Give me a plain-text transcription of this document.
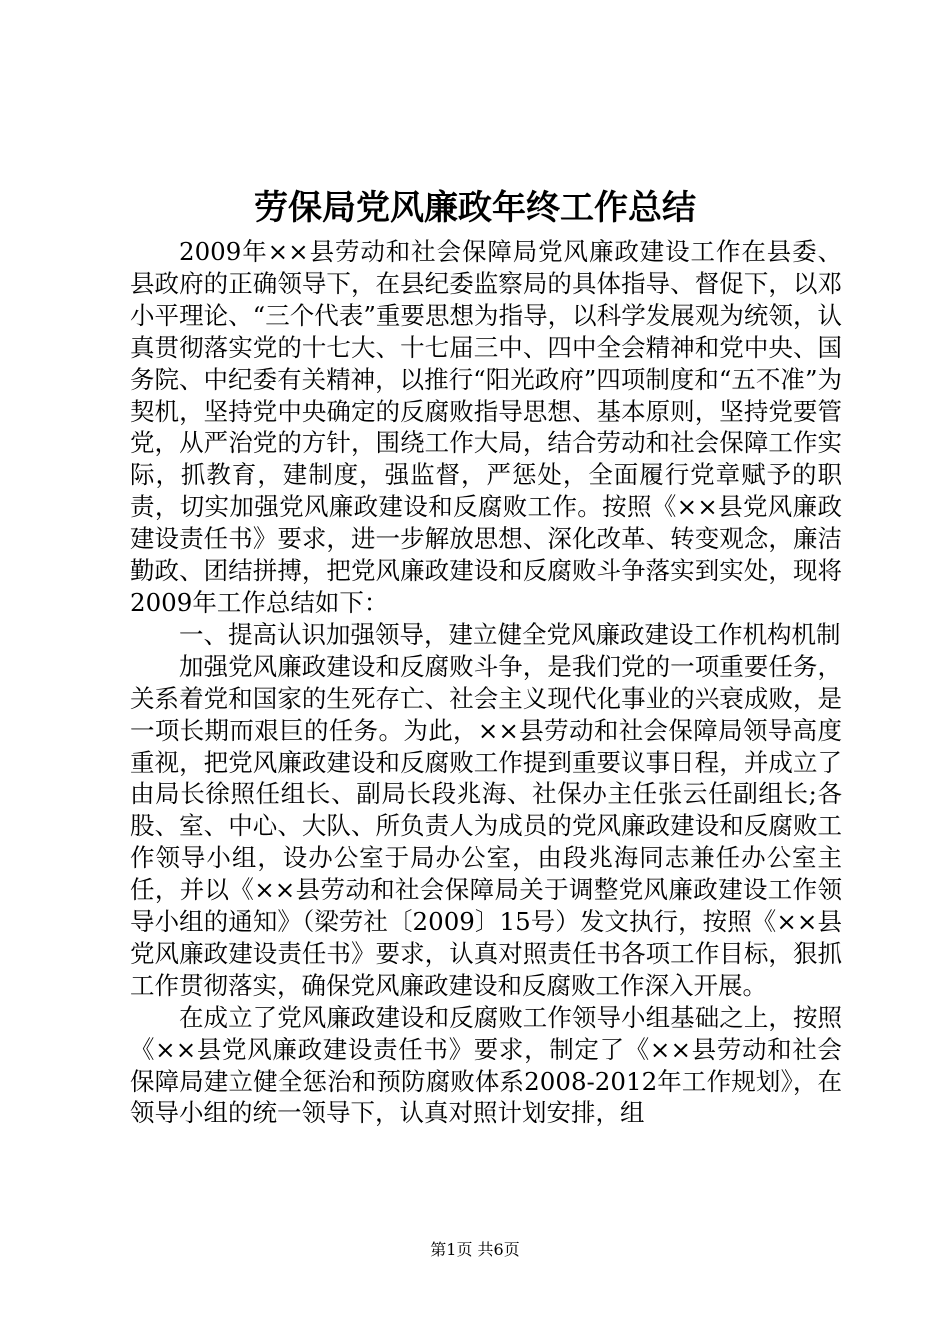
劳保局党风廉政年终工作总结

2009年××县劳动和社会保障局党风廉政建设工作在县委、县政府的正确领导下，在县纪委监察局的具体指导、督促下，以邓小平理论、“三个代表”重要思想为指导，以科学发展观为统领，认真贯彻落实党的十七大、十七届三中、四中全会精神和党中央、国务院、中纪委有关精神，以推行“阳光政府”四项制度和“五不准”为契机，坚持党中央确定的反腐败指导思想、基本原则，坚持党要管党，从严治党的方针，围绕工作大局，结合劳动和社会保障工作实际，抓教育，建制度，强监督，严惩处，全面履行党章赋予的职责，切实加强党风廉政建设和反腐败工作。按照《××县党风廉政建设责任书》要求，进一步解放思想、深化改革、转变观念，廉洁勤政、团结拼搏，把党风廉政建设和反腐败斗争落实到实处，现将2009年工作总结如下：

一、提高认识加强领导，建立健全党风廉政建设工作机构机制

加强党风廉政建设和反腐败斗争，是我们党的一项重要任务，关系着党和国家的生死存亡、社会主义现代化事业的兴衰成败，是一项长期而艰巨的任务。为此，××县劳动和社会保障局领导高度重视，把党风廉政建设和反腐败工作提到重要议事日程，并成立了由局长徐照任组长、副局长段兆海、社保办主任张云任副组长;各股、室、中心、大队、所负责人为成员的党风廉政建设和反腐败工作领导小组，设办公室于局办公室，由段兆海同志兼任办公室主任，并以《××县劳动和社会保障局关于调整党风廉政建设工作领导小组的通知》（梁劳社〔2009〕15号）发文执行，按照《××县党风廉政建设责任书》要求，认真对照责任书各项工作目标，狠抓工作贯彻落实，确保党风廉政建设和反腐败工作深入开展。

在成立了党风廉政建设和反腐败工作领导小组基础之上，按照《××县党风廉政建设责任书》要求，制定了《××县劳动和社会保障局建立健全惩治和预防腐败体系2008-2012年工作规划》，在领导小组的统一领导下，认真对照计划安排，组

第1页 共6页
